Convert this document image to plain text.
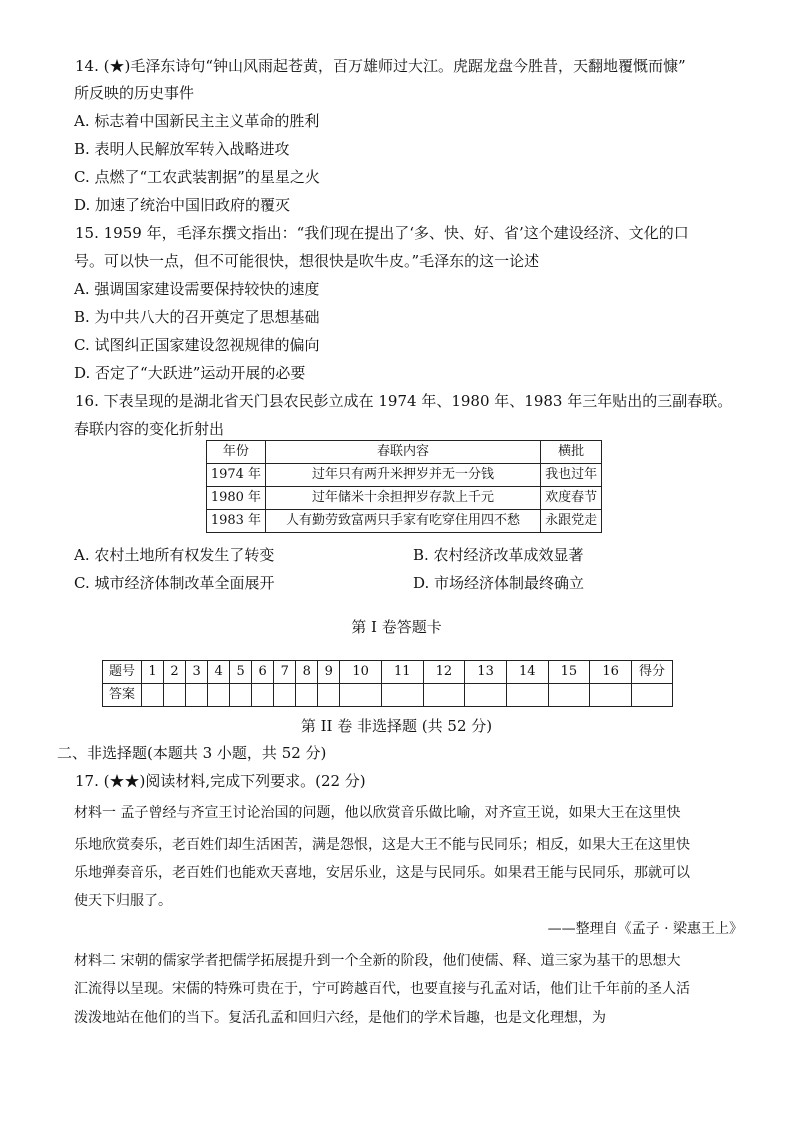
14. (★)毛泽东诗句“钟山风雨起苍黄，百万雄师过大江。虎踞龙盘今胜昔，天翻地覆慨而慷”
所反映的历史事件
A. 标志着中国新民主主义革命的胜利
B. 表明人民解放军转入战略进攻
C. 点燃了“工农武装割据”的星星之火
D. 加速了统治中国旧政府的覆灭
15. 1959 年，毛泽东撰文指出：“我们现在提出了‘多、快、好、省’这个建设经济、文化的口
号。可以快一点，但不可能很快，想很快是吹牛皮。”毛泽东的这一论述
A. 强调国家建设需要保持较快的速度
B. 为中共八大的召开奠定了思想基础
C. 试图纠正国家建设忽视规律的偏向
D. 否定了“大跃进”运动开展的必要
16. 下表呈现的是湖北省天门县农民彭立成在 1974 年、1980 年、1983 年三年贴出的三副春联。
春联内容的变化折射出
年份	春联内容	横批
1974 年	过年只有两升米押岁并无一分钱	我也过年
1980 年	过年储米十余担押岁存款上千元	欢度春节
1983 年	人有勤劳致富两只手家有吃穿住用四不愁	永跟党走
A. 农村土地所有权发生了转变	B. 农村经济改革成效显著
C. 城市经济体制改革全面展开	D. 市场经济体制最终确立
第 I 卷答题卡
题号	1	2	3	4	5	6	7	8	9	10	11	12	13	14	15	16	得分
答案																	
第 II 卷 非选择题 (共 52 分)
二、非选择题(本题共 3 小题，共 52 分)
17. (★★)阅读材料,完成下列要求。(22 分)
材料一 孟子曾经与齐宣王讨论治国的问题，他以欣赏音乐做比喻，对齐宣王说，如果大王在这里快
乐地欣赏奏乐，老百姓们却生活困苦，满是怨恨，这是大王不能与民同乐；相反，如果大王在这里快
乐地弹奏音乐，老百姓们也能欢天喜地，安居乐业，这是与民同乐。如果君王能与民同乐，那就可以
使天下归服了。
——整理自《孟子 · 梁惠王上》
材料二 宋朝的儒家学者把儒学拓展提升到一个全新的阶段，他们使儒、释、道三家为基干的思想大
汇流得以呈现。宋儒的特殊可贵在于，宁可跨越百代，也要直接与孔孟对话，他们让千年前的圣人活
泼泼地站在他们的当下。复活孔孟和回归六经，是他们的学术旨趣，也是文化理想，为
